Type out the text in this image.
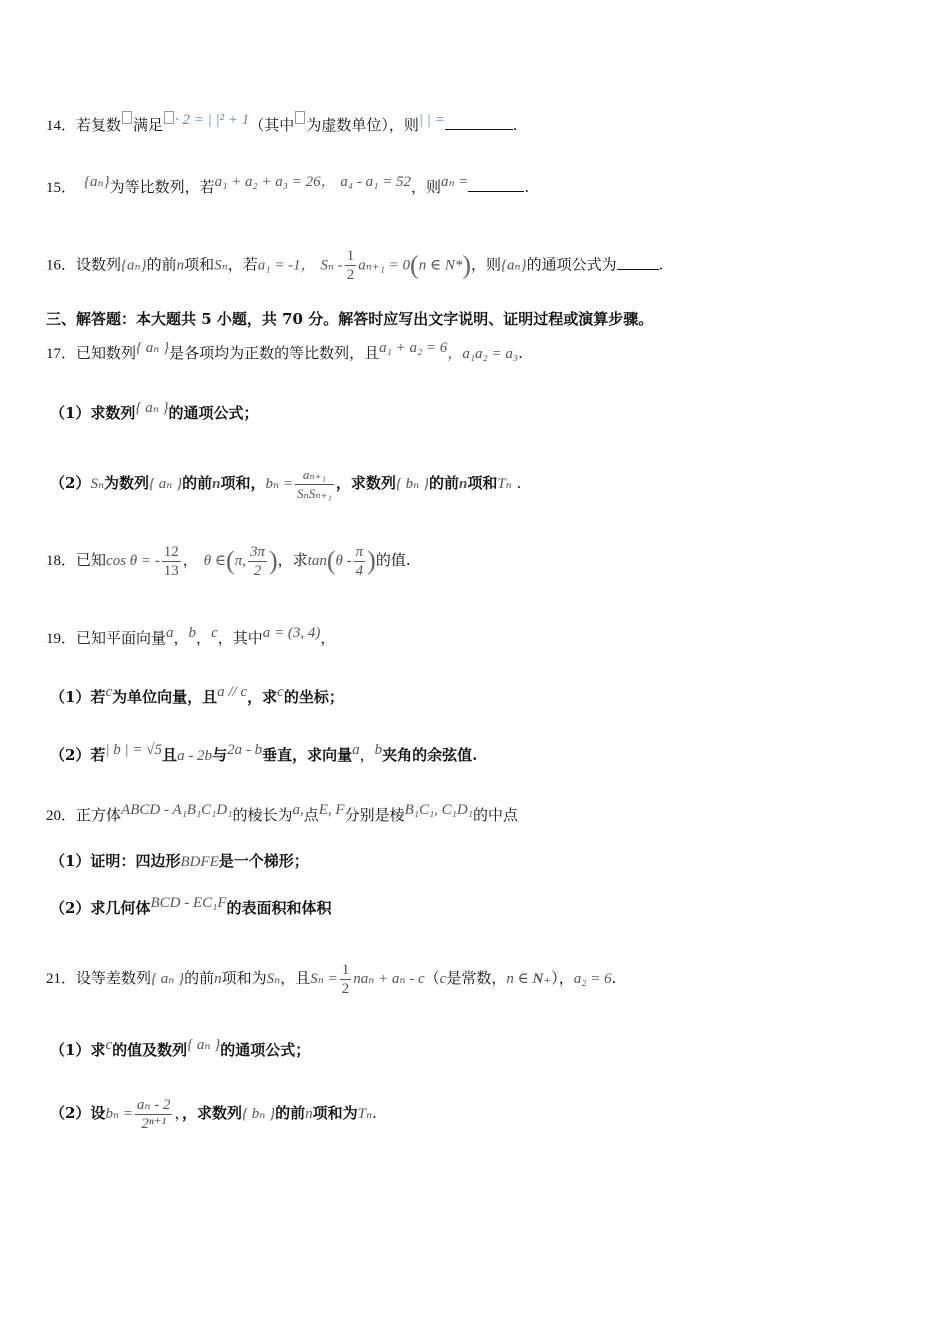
14．若复数 满足 · 2 = | |² + 1（其中 为虚数单位），则| | =	.
15． {aₙ}为等比数列，若a₁ + a₂ + a₃ = 26， a₄ - a₁ = 52，则aₙ =	.
16．设数列{aₙ}的前n项和Sₙ，若a₁ = -1， $S_n - \frac{1}{2} a_{n+1} = 0(n$ ∈ N*)，则{aₙ}的通项公式为	.
三、解答题：本大题共 5 小题，共 70 分。解答时应写出文字说明、证明过程或演算步骤。
17．已知数列{ aₙ }是各项均为正数的等比数列，且a₁ + a₂ = 6，a₁a₂ = a₃.
（1）求数列{ aₙ }的通项公式；
（2）Sₙ为数列{ aₙ }的前n项和，$b_n = \frac{\text{aₙ₊₁}}{\text{SₙSₙ₊₁}}$ ，求数列{ bₙ }的前n项和Tₙ .
18．已知cos θ = - $\frac{12}{13}$ ， θ ∈(π, $\frac{3\pi}{2}$ )，求$\tan(\theta - \frac{\pi}{4}$ )的值.
19．已知平面向量a，b，c，其中a = (3, 4)，
（1）若c为单位向量，且a // c，求c的坐标；
（2）若| b | = √5且a - 2b与2a - b垂直，求向量a，b夹角的余弦值.
20．正方体ABCD - A₁B₁C₁D₁的棱长为a,点E, F分别是棱B₁C₁, C₁D₁的中点
（1）证明：四边形BDFE是一个梯形；
（2）求几何体BCD - EC₁F的表面积和体积
21．设等差数列{ aₙ }的前n项和为Sₙ，且$S_n = \frac{1}{2}$ naₙ + aₙ - c（c是常数，n ∈ N₊），a₂ = 6.
（1）求c的值及数列{ aₙ }的通项公式；
（2）设$b_n = \frac{\text{aₙ - 2}}{\text{2ⁿ⁺¹}}$ ，，求数列{ bₙ }的前n项和为Tₙ.
